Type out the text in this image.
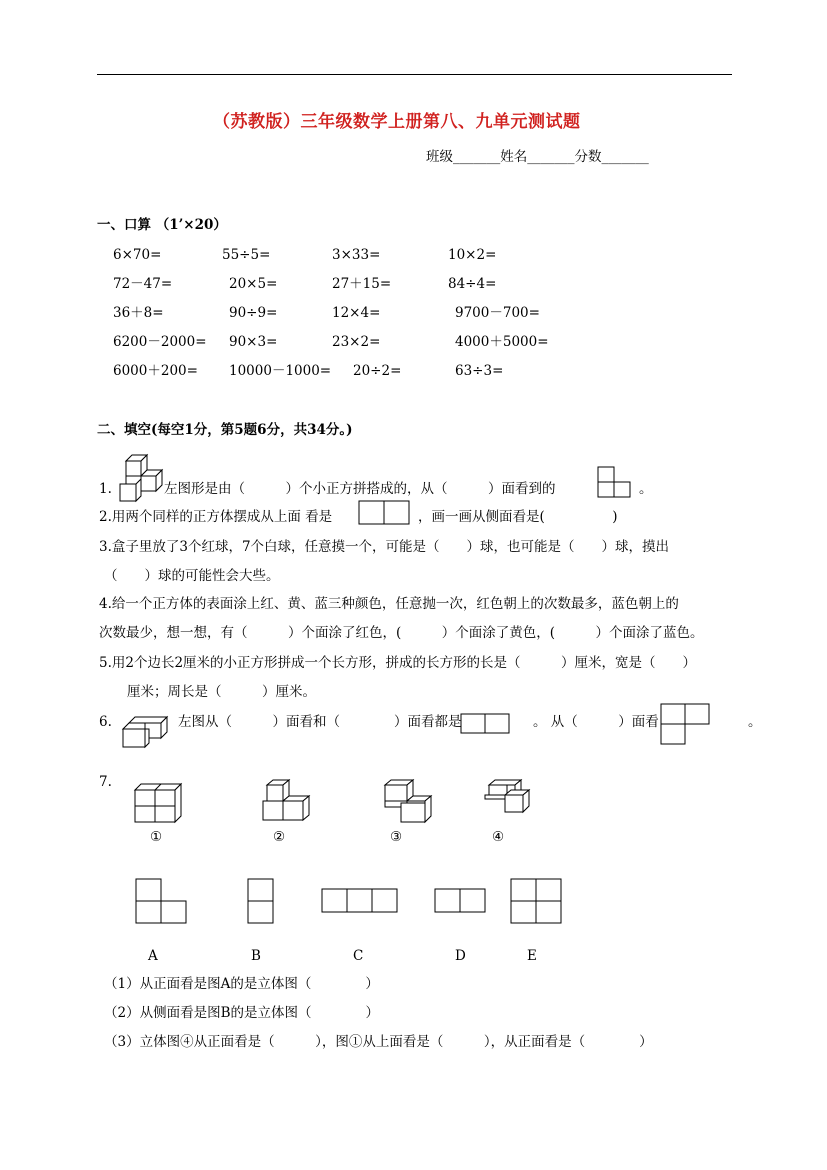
（苏教版）三年级数学上册第八、九单元测试题
班级_______姓名_______分数_______
一、口算 （1’×20）
6×70=	55÷5=	3×33=	10×2=
72－47=	20×5=	27＋15=	84÷4=
36＋8=	90÷9=	12×4=	9700－700=
6200－2000= 90×3=	23×2=	4000＋5000=
6000＋200= 10000－1000= 20÷2=	63÷3=
二、填空(每空1分，第5题6分，共34分。)
1.	左图形是由（　　　）个小正方拼搭成的，从（　　　）面看到的	。
2.用两个同样的正方体摆成从上面 看是	，画一画从侧面看是(　　　　　)
3.盒子里放了3个红球，7个白球，任意摸一个，可能是（　　）球，也可能是（　　）球，摸出
（　　）球的可能性会大些。
4.给一个正方体的表面涂上红、黄、蓝三种颜色，任意抛一次，红色朝上的次数最多，蓝色朝上的
次数最少，想一想，有（　　　）个面涂了红色，(　　　）个面涂了黄色，(　　　）个面涂了蓝色。
5.用2个边长2厘米的小正方形拼成一个长方形，拼成的长方形的长是（　　　）厘米，宽是（　　）
厘米；周长是（　　　）厘米。
6.	左图从（　　　）面看和（　　　　）面看都是	。 从（　　　）面看	。
7.
①	②	③	④
A	B	C	D	E
（1）从正面看是图A的是立体图（　　　　）
（2）从侧面看是图B的是立体图（　　　　）
（3）立体图④从正面看是（　　　），图①从上面看是（　　　），从正面看是（　　　　）
